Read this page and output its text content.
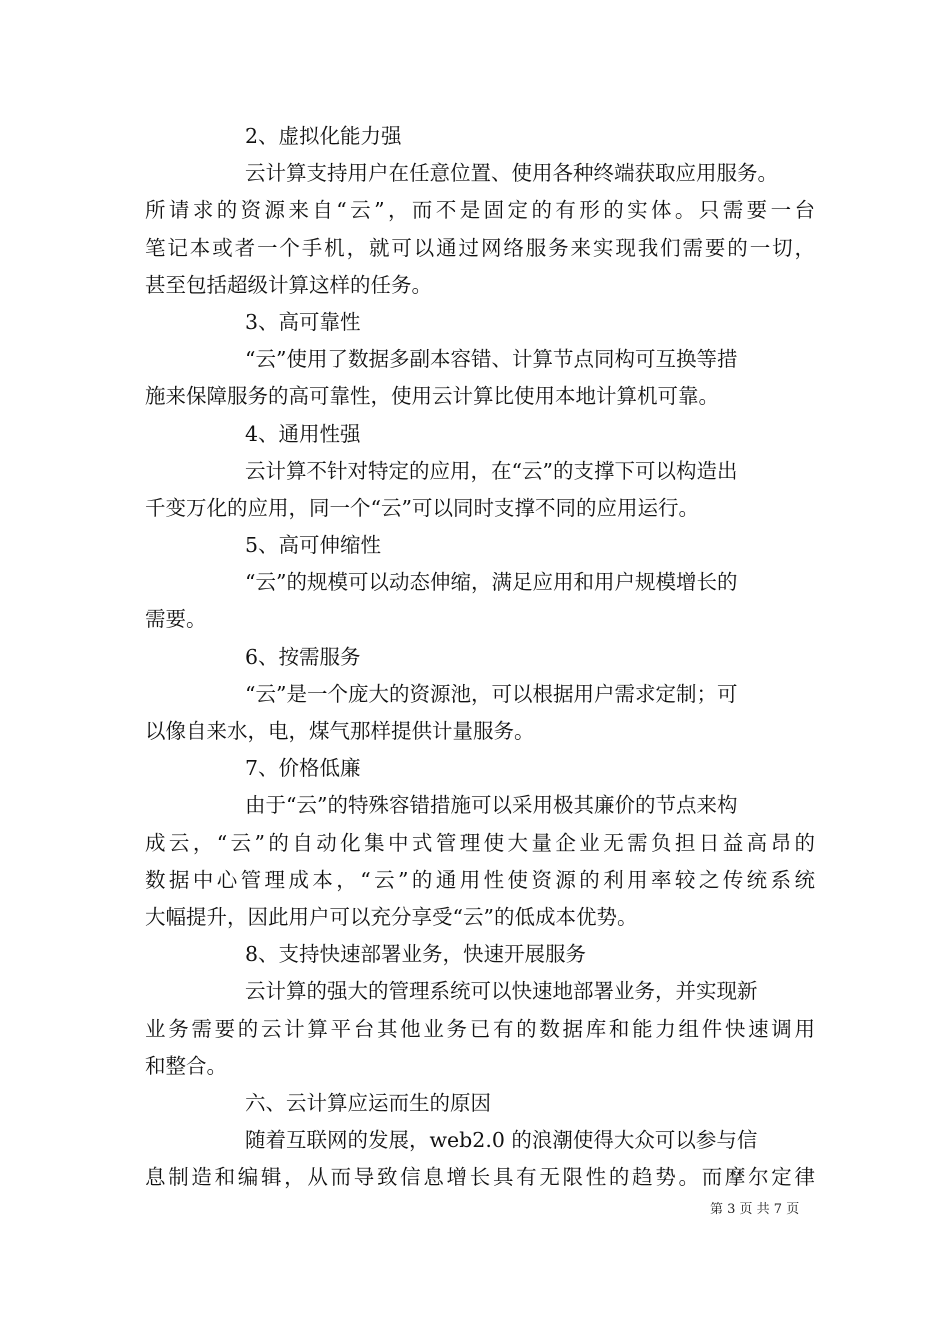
2、虚拟化能力强
云计算支持用户在任意位置、使用各种终端获取应用服务。
所请求的资源来自“云”，而不是固定的有形的实体。只需要一台
笔记本或者一个手机，就可以通过网络服务来实现我们需要的一切，
甚至包括超级计算这样的任务。
3、高可靠性
“云”使用了数据多副本容错、计算节点同构可互换等措
施来保障服务的高可靠性，使用云计算比使用本地计算机可靠。
4、通用性强
云计算不针对特定的应用，在“云”的支撑下可以构造出
千变万化的应用，同一个“云”可以同时支撑不同的应用运行。
5、高可伸缩性
“云”的规模可以动态伸缩，满足应用和用户规模增长的
需要。
6、按需服务
“云”是一个庞大的资源池，可以根据用户需求定制；可
以像自来水，电，煤气那样提供计量服务。
7、价格低廉
由于“云”的特殊容错措施可以采用极其廉价的节点来构
成云，“云”的自动化集中式管理使大量企业无需负担日益高昂的
数据中心管理成本，“云”的通用性使资源的利用率较之传统系统
大幅提升，因此用户可以充分享受“云”的低成本优势。
8、支持快速部署业务，快速开展服务
云计算的强大的管理系统可以快速地部署业务，并实现新
业务需要的云计算平台其他业务已有的数据库和能力组件快速调用
和整合。
六、云计算应运而生的原因
随着互联网的发展，web2.0 的浪潮使得大众可以参与信
息制造和编辑，从而导致信息增长具有无限性的趋势。而摩尔定律
第 3 页 共 7 页
